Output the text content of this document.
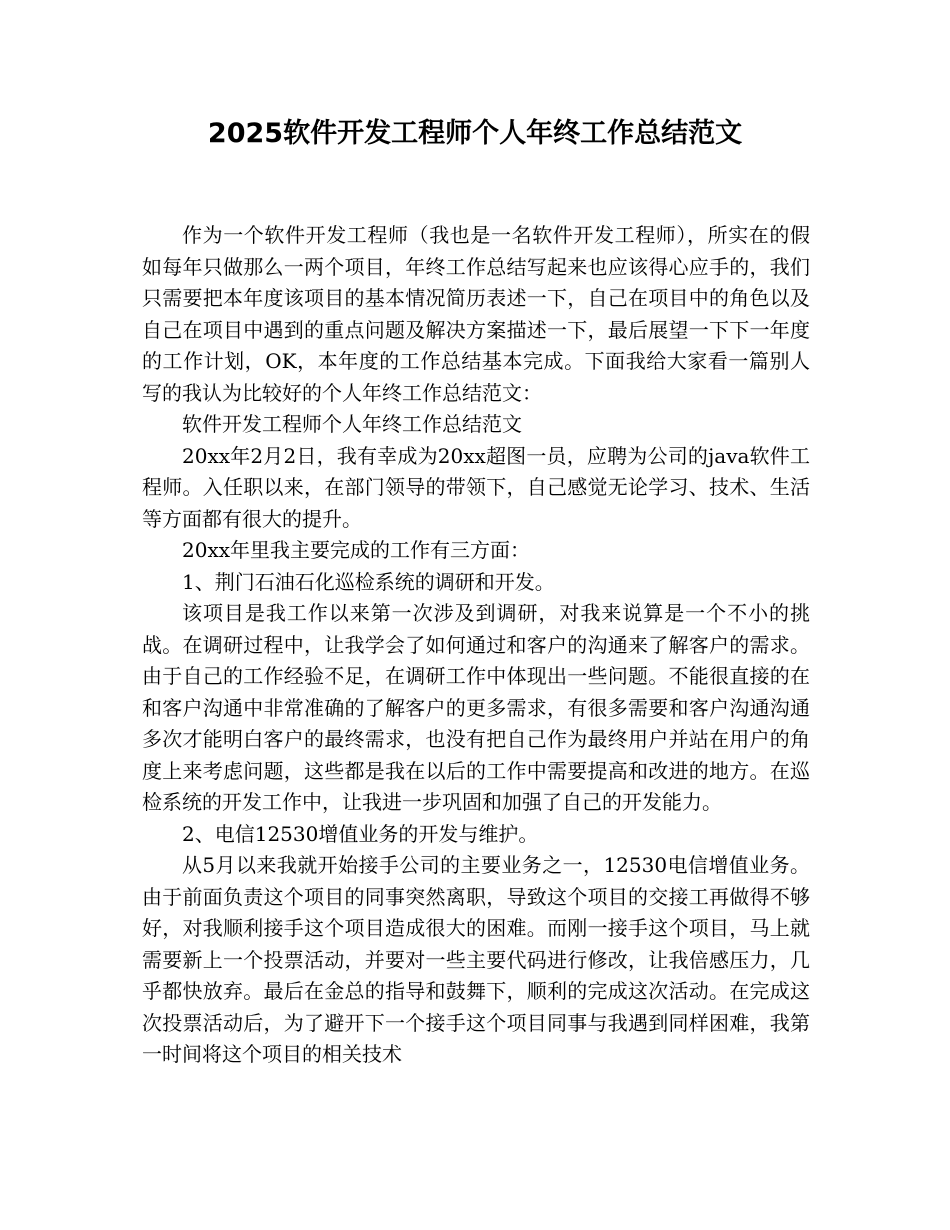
2025软件开发工程师个人年终工作总结范文

作为一个软件开发工程师（我也是一名软件开发工程师），所实在的假如每年只做那么一两个项目，年终工作总结写起来也应该得心应手的，我们只需要把本年度该项目的基本情况简历表述一下，自己在项目中的角色以及自己在项目中遇到的重点问题及解决方案描述一下，最后展望一下下一年度的工作计划，OK，本年度的工作总结基本完成。下面我给大家看一篇别人写的我认为比较好的个人年终工作总结范文：

软件开发工程师个人年终工作总结范文

20xx年2月2日，我有幸成为20xx超图一员，应聘为公司的java软件工程师。入任职以来，在部门领导的带领下，自己感觉无论学习、技术、生活等方面都有很大的提升。

20xx年里我主要完成的工作有三方面：

1、荆门石油石化巡检系统的调研和开发。

该项目是我工作以来第一次涉及到调研，对我来说算是一个不小的挑战。在调研过程中，让我学会了如何通过和客户的沟通来了解客户的需求。由于自己的工作经验不足，在调研工作中体现出一些问题。不能很直接的在和客户沟通中非常准确的了解客户的更多需求，有很多需要和客户沟通沟通多次才能明白客户的最终需求，也没有把自己作为最终用户并站在用户的角度上来考虑问题，这些都是我在以后的工作中需要提高和改进的地方。在巡检系统的开发工作中，让我进一步巩固和加强了自己的开发能力。

2、电信12530增值业务的开发与维护。

从5月以来我就开始接手公司的主要业务之一，12530电信增值业务。由于前面负责这个项目的同事突然离职，导致这个项目的交接工再做得不够好，对我顺利接手这个项目造成很大的困难。而刚一接手这个项目，马上就需要新上一个投票活动，并要对一些主要代码进行修改，让我倍感压力，几乎都快放弃。最后在金总的指导和鼓舞下，顺利的完成这次活动。在完成这次投票活动后，为了避开下一个接手这个项目同事与我遇到同样困难，我第一时间将这个项目的相关技术
